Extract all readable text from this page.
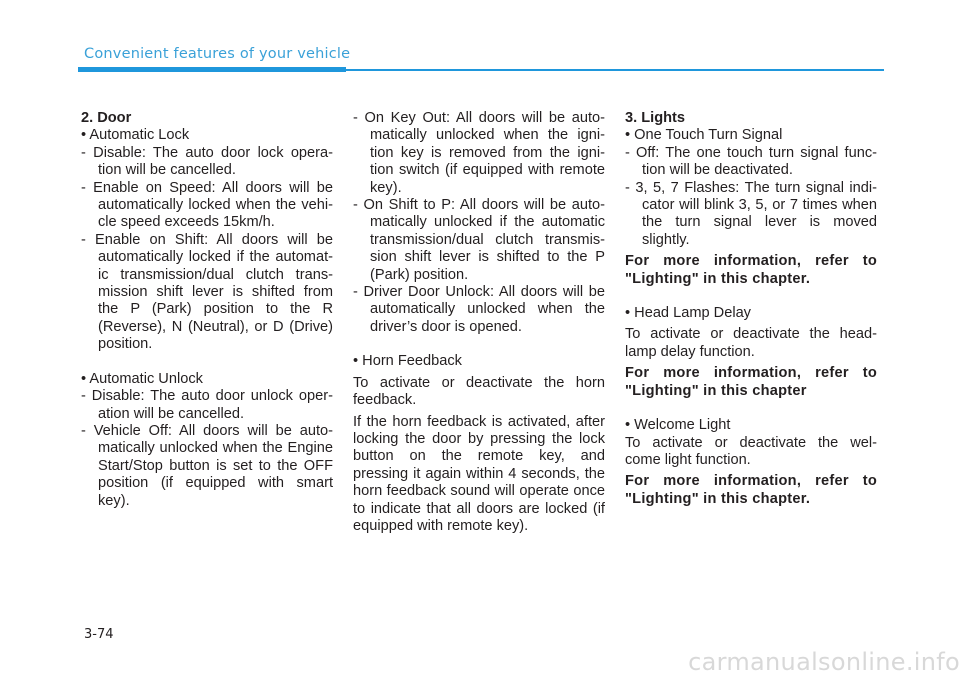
Convenient features of your vehicle
2. Door
• Automatic Lock
- Disable: The auto door lock opera- tion will be cancelled.
- Enable on Speed: All doors will be automatically locked when the vehi- cle speed exceeds 15km/h.
- Enable on Shift: All doors will be automatically locked if the automat- ic transmission/dual clutch trans- mission shift lever is shifted from the P (Park) position to the R (Reverse), N (Neutral), or D (Drive) position.
• Automatic Unlock
- Disable: The auto door unlock oper- ation will be cancelled.
- Vehicle Off: All doors will be auto- matically unlocked when the Engine Start/Stop button is set to the OFF position (if equipped with smart key).
- On Key Out: All doors will be auto- matically unlocked when the igni- tion key is removed from the igni- tion switch (if equipped with remote key).
- On Shift to P: All doors will be auto- matically unlocked if the automatic transmission/dual clutch transmis- sion shift lever is shifted to the P (Park) position.
- Driver Door Unlock: All doors will be automatically unlocked when the driver’s door is opened.
• Horn Feedback
To activate or deactivate the horn feedback.
If the horn feedback is activated, after locking the door by pressing the lock button on the remote key, and pressing it again within 4 seconds, the horn feedback sound will operate once to indicate that all doors are locked (if equipped with remote key).
3. Lights
• One Touch Turn Signal
- Off: The one touch turn signal func- tion will be deactivated.
- 3, 5, 7 Flashes: The turn signal indi- cator will blink 3, 5, or 7 times when the turn signal lever is moved slightly.
For more information, refer to "Lighting" in this chapter.
• Head Lamp Delay
To activate or deactivate the head- lamp delay function.
For more information, refer to "Lighting" in this chapter
• Welcome Light
To activate or deactivate the wel- come light function.
For more information, refer to "Lighting" in this chapter.
3-74
carmanualsonline.info
